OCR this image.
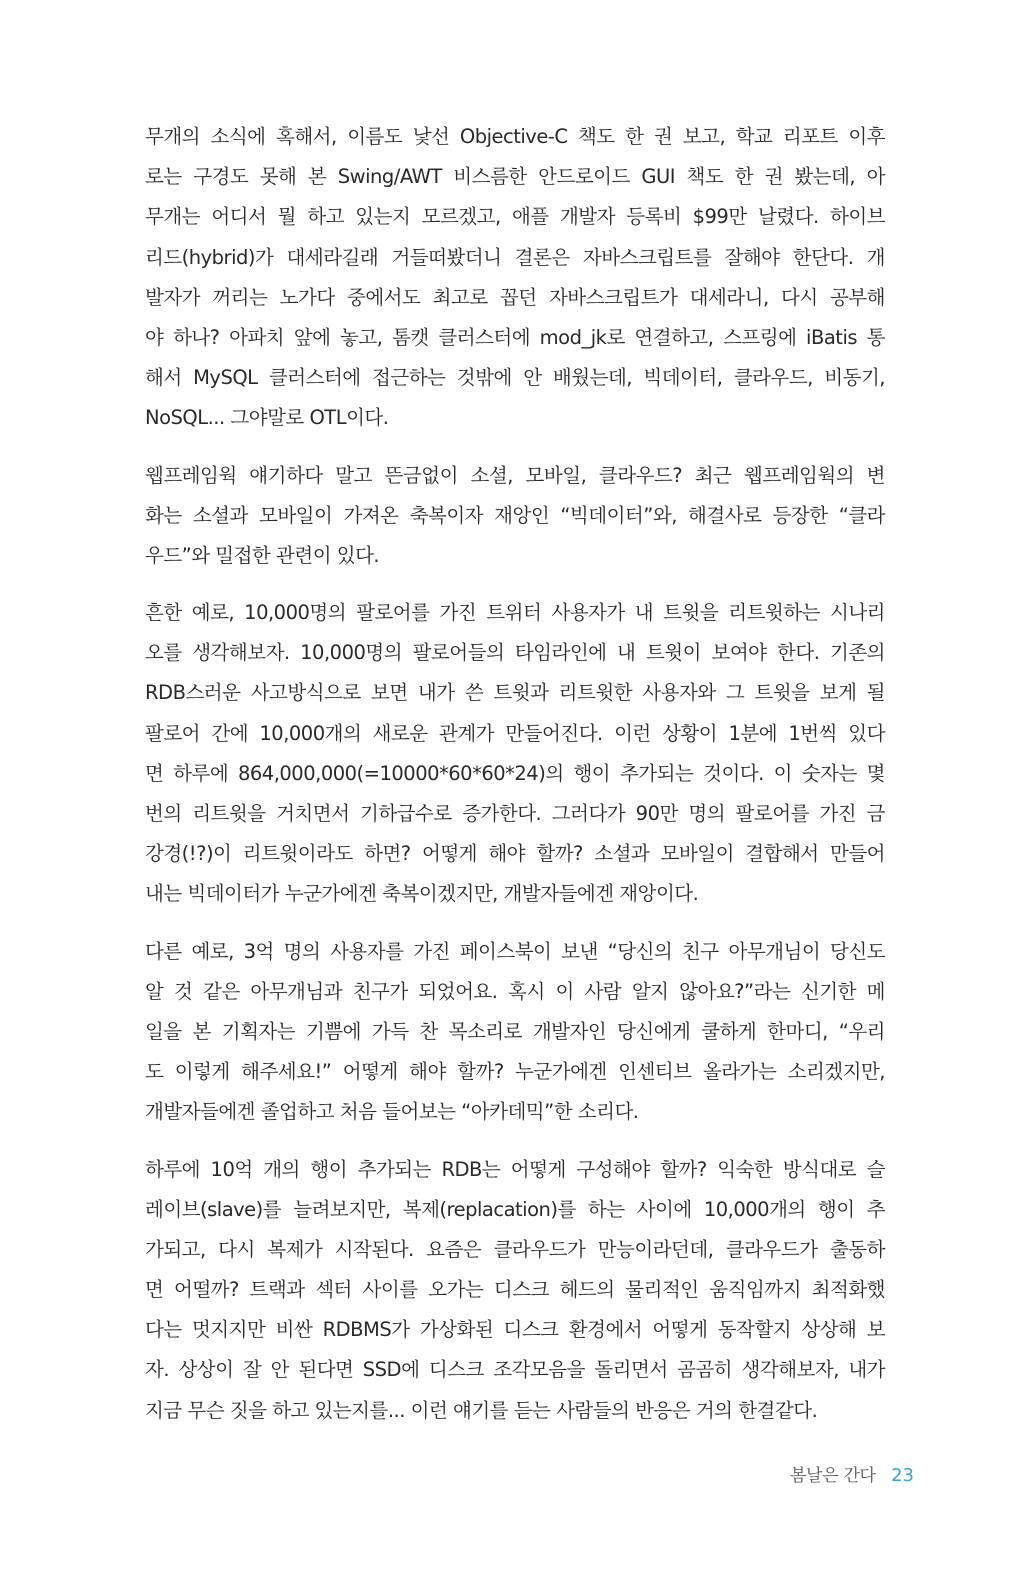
무개의 소식에 혹해서, 이름도 낯선 Objective-C 책도 한 권 보고, 학교 리포트 이후
로는 구경도 못해 본 Swing/AWT 비스름한 안드로이드 GUI 책도 한 권 봤는데, 아
무개는 어디서 뭘 하고 있는지 모르겠고, 애플 개발자 등록비 $99만 날렸다. 하이브
리드(hybrid)가 대세라길래 거들떠봤더니 결론은 자바스크립트를 잘해야 한단다. 개
발자가 꺼리는 노가다 중에서도 최고로 꼽던 자바스크립트가 대세라니, 다시 공부해
야 하나? 아파치 앞에 놓고, 톰캣 클러스터에 mod_jk로 연결하고, 스프링에 iBatis 통
해서 MySQL 클러스터에 접근하는 것밖에 안 배웠는데, 빅데이터, 클라우드, 비동기,
NoSQL... 그야말로 OTL이다.
웹프레임웍 얘기하다 말고 뜬금없이 소셜, 모바일, 클라우드? 최근 웹프레임웍의 변
화는 소셜과 모바일이 가져온 축복이자 재앙인 “빅데이터”와, 해결사로 등장한 “클라
우드”와 밀접한 관련이 있다.
흔한 예로, 10,000명의 팔로어를 가진 트위터 사용자가 내 트윗을 리트윗하는 시나리
오를 생각해보자. 10,000명의 팔로어들의 타임라인에 내 트윗이 보여야 한다. 기존의
RDB스러운 사고방식으로 보면 내가 쓴 트윗과 리트윗한 사용자와 그 트윗을 보게 될
팔로어 간에 10,000개의 새로운 관계가 만들어진다. 이런 상황이 1분에 1번씩 있다
면 하루에 864,000,000(=10000*60*60*24)의 행이 추가되는 것이다. 이 숫자는 몇
번의 리트윗을 거치면서 기하급수로 증가한다. 그러다가 90만 명의 팔로어를 가진 금
강경(!?)이 리트윗이라도 하면? 어떻게 해야 할까? 소셜과 모바일이 결합해서 만들어
내는 빅데이터가 누군가에겐 축복이겠지만, 개발자들에겐 재앙이다.
다른 예로, 3억 명의 사용자를 가진 페이스북이 보낸 “당신의 친구 아무개님이 당신도
알 것 같은 아무개님과 친구가 되었어요. 혹시 이 사람 알지 않아요?”라는 신기한 메
일을 본 기획자는 기쁨에 가득 찬 목소리로 개발자인 당신에게 쿨하게 한마디, “우리
도 이렇게 해주세요!” 어떻게 해야 할까? 누군가에겐 인센티브 올라가는 소리겠지만,
개발자들에겐 졸업하고 처음 들어보는 “아카데믹”한 소리다.
하루에 10억 개의 행이 추가되는 RDB는 어떻게 구성해야 할까? 익숙한 방식대로 슬
레이브(slave)를 늘려보지만, 복제(replacation)를 하는 사이에 10,000개의 행이 추
가되고, 다시 복제가 시작된다. 요즘은 클라우드가 만능이라던데, 클라우드가 출동하
면 어떨까? 트랙과 섹터 사이를 오가는 디스크 헤드의 물리적인 움직임까지 최적화했
다는 멋지지만 비싼 RDBMS가 가상화된 디스크 환경에서 어떻게 동작할지 상상해 보
자. 상상이 잘 안 된다면 SSD에 디스크 조각모음을 돌리면서 곰곰히 생각해보자, 내가
지금 무슨 짓을 하고 있는지를... 이런 얘기를 듣는 사람들의 반응은 거의 한결같다.
봄날은 간다 23
